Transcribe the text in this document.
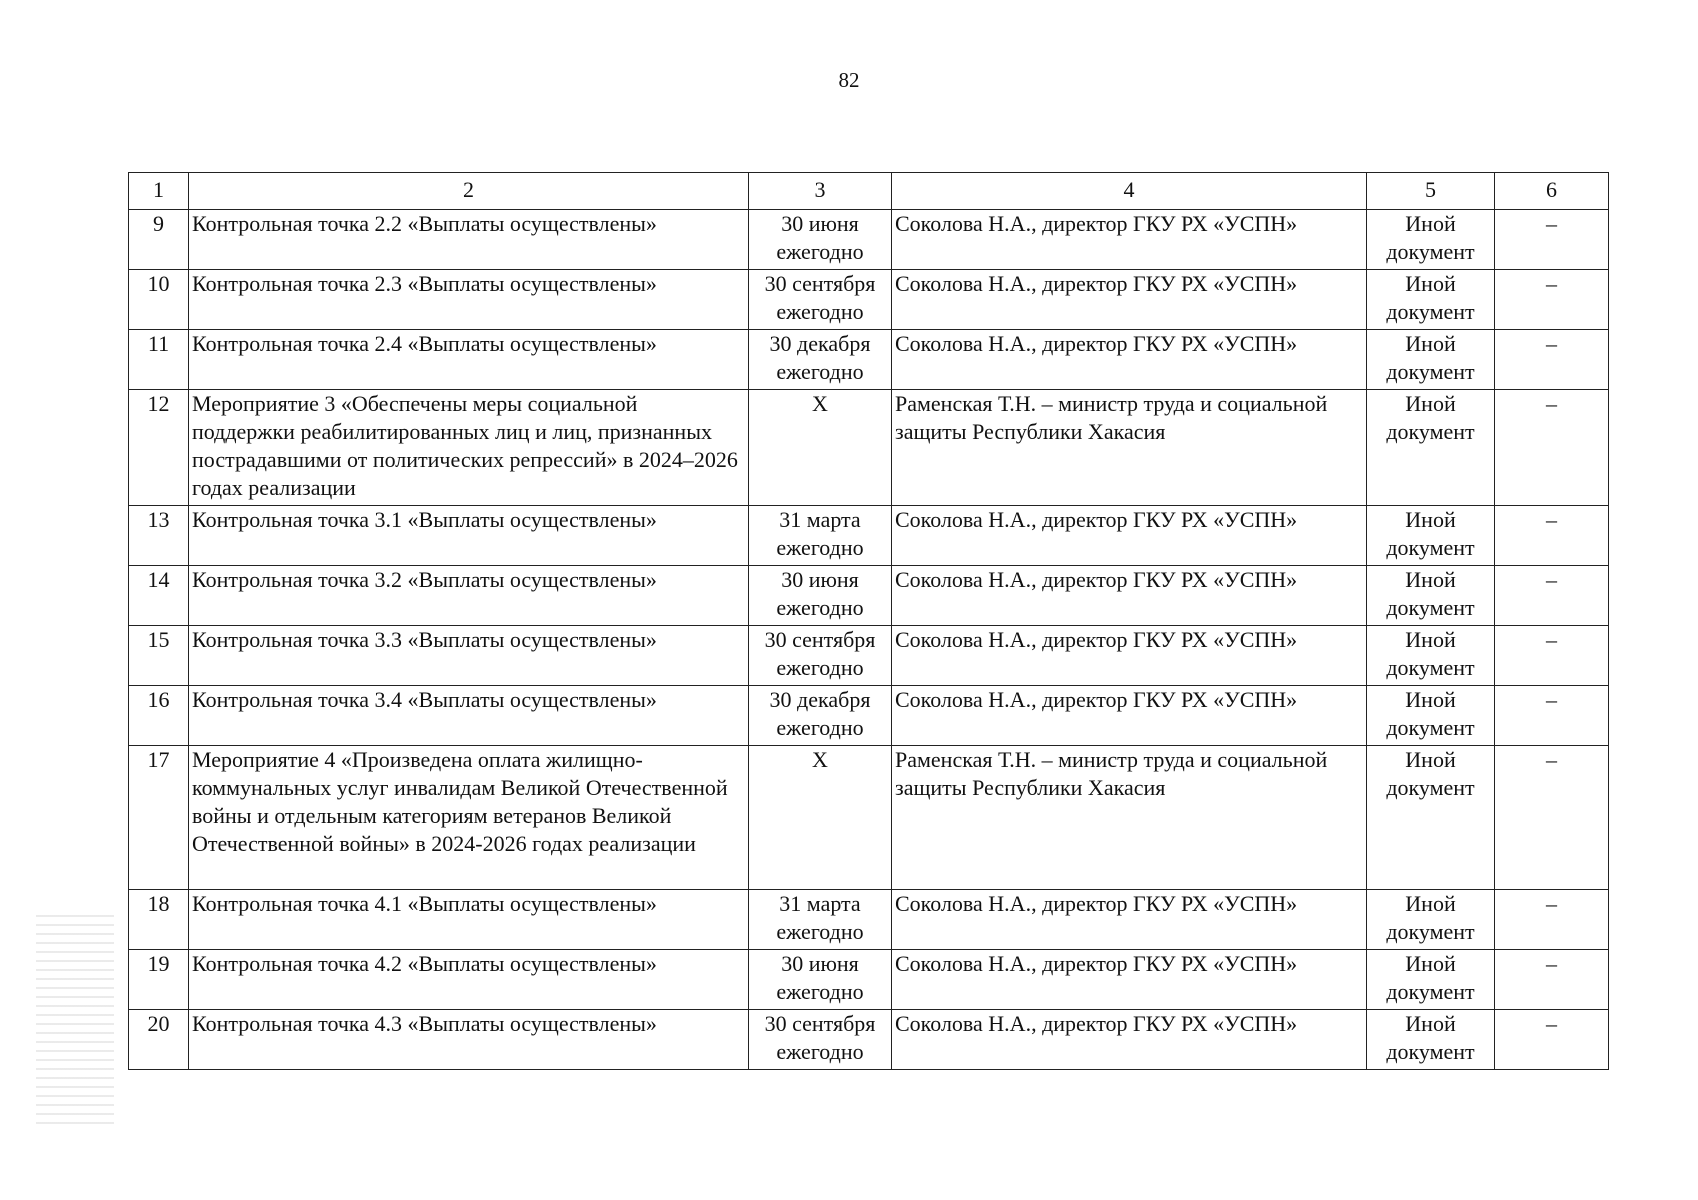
82
1	2	3	4	5	6
9	Контрольная точка 2.2 «Выплаты осуществлены»	30 июня ежегодно	Соколова Н.А., директор ГКУ РХ «УСПН»	Иной документ	–
10	Контрольная точка 2.3 «Выплаты осуществлены»	30 сентября ежегодно	Соколова Н.А., директор ГКУ РХ «УСПН»	Иной документ	–
11	Контрольная точка 2.4 «Выплаты осуществлены»	30 декабря ежегодно	Соколова Н.А., директор ГКУ РХ «УСПН»	Иной документ	–
12	Мероприятие 3 «Обеспечены меры социальной поддержки реабилитированных лиц и лиц, признанных пострадавшими от политических репрессий» в 2024–2026 годах реализации	Х	Раменская Т.Н. – министр труда и социальной защиты Республики Хакасия	Иной документ	–
13	Контрольная точка 3.1 «Выплаты осуществлены»	31 марта ежегодно	Соколова Н.А., директор ГКУ РХ «УСПН»	Иной документ	–
14	Контрольная точка 3.2 «Выплаты осуществлены»	30 июня ежегодно	Соколова Н.А., директор ГКУ РХ «УСПН»	Иной документ	–
15	Контрольная точка 3.3 «Выплаты осуществлены»	30 сентября ежегодно	Соколова Н.А., директор ГКУ РХ «УСПН»	Иной документ	–
16	Контрольная точка 3.4 «Выплаты осуществлены»	30 декабря ежегодно	Соколова Н.А., директор ГКУ РХ «УСПН»	Иной документ	–
17	Мероприятие 4 «Произведена оплата жилищно-коммунальных услуг инвалидам Великой Отечественной войны и отдельным категориям ветеранов Великой Отечественной войны» в 2024-2026 годах реализации	Х	Раменская Т.Н. – министр труда и социальной защиты Республики Хакасия	Иной документ	–
18	Контрольная точка 4.1 «Выплаты осуществлены»	31 марта ежегодно	Соколова Н.А., директор ГКУ РХ «УСПН»	Иной документ	–
19	Контрольная точка 4.2 «Выплаты осуществлены»	30 июня ежегодно	Соколова Н.А., директор ГКУ РХ «УСПН»	Иной документ	–
20	Контрольная точка 4.3 «Выплаты осуществлены»	30 сентября ежегодно	Соколова Н.А., директор ГКУ РХ «УСПН»	Иной документ	–
